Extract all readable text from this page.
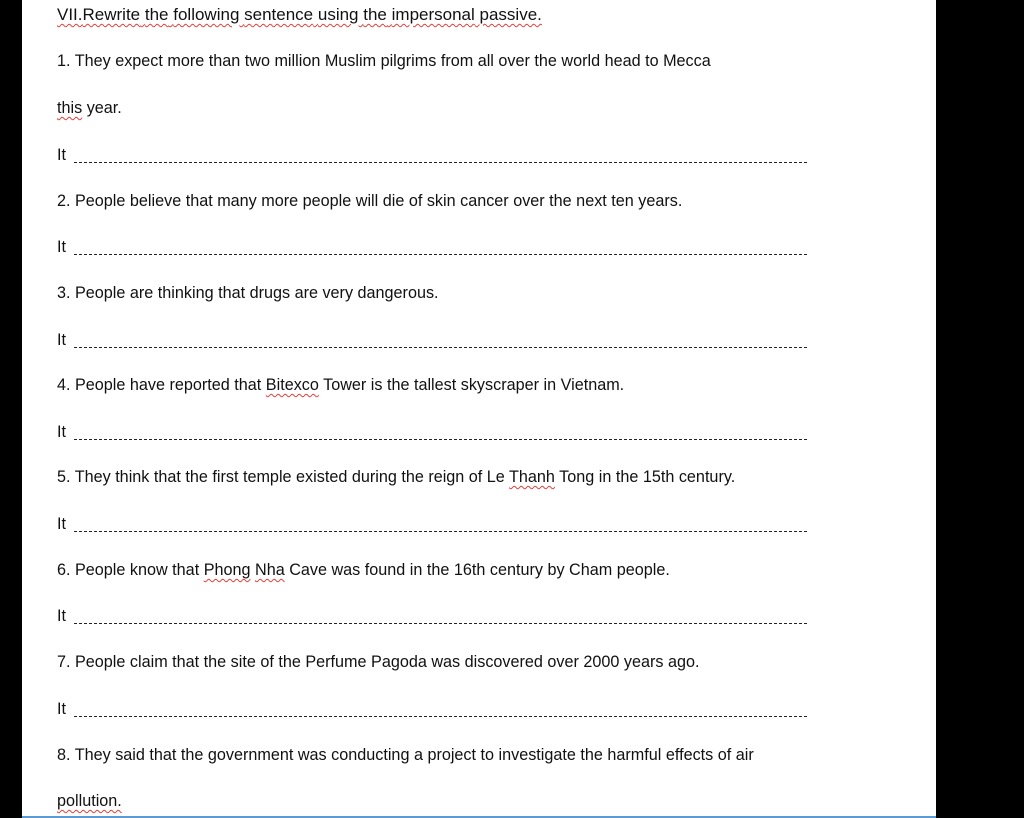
VII.Rewrite the following sentence using the impersonal passive.
1. They expect more than two million Muslim pilgrims from all over the world head to Mecca
this year.
It
2. People believe that many more people will die of skin cancer over the next ten years.
It
3. People are thinking that drugs are very dangerous.
It
4. People have reported that Bitexco Tower is the tallest skyscraper in Vietnam.
It
5. They think that the first temple existed during the reign of Le Thanh Tong in the 15th century.
It
6. People know that Phong Nha Cave was found in the 16th century by Cham people.
It
7. People claim that the site of the Perfume Pagoda was discovered over 2000 years ago.
It
8. They said that the government was conducting a project to investigate the harmful effects of air
pollution.
